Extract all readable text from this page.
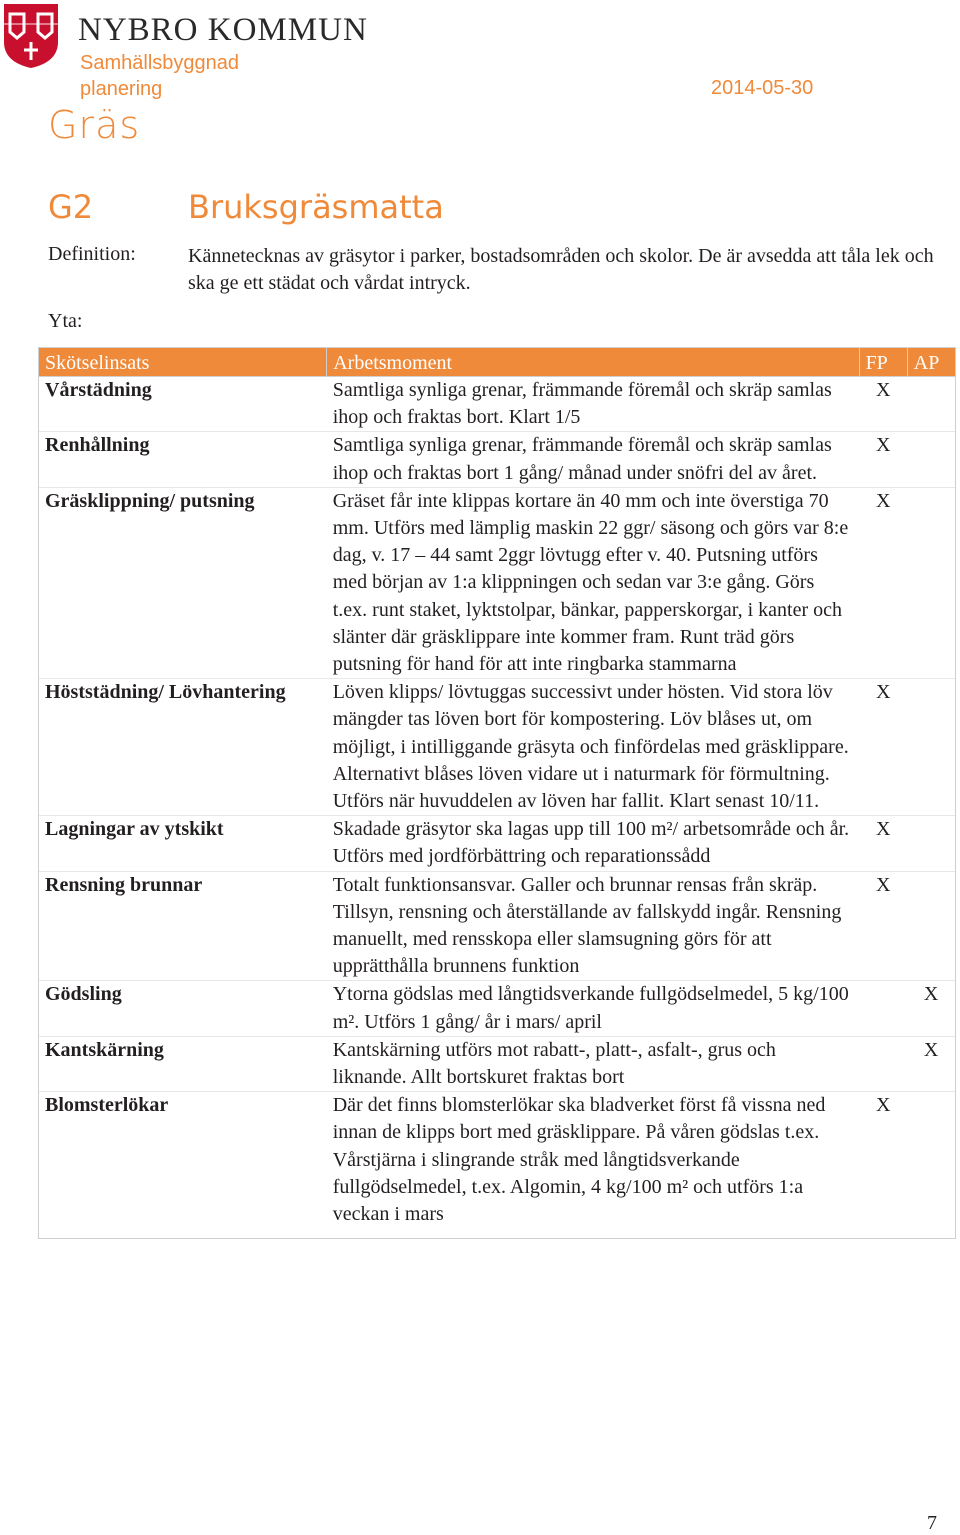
NYBRO KOMMUN
Samhällsbyggnad planering	2014-05-30
Gräs
G2	Bruksgräsmatta
Definition:	Kännetecknas av gräsytor i parker, bostadsområden och skolor. De är avsedda att tåla lek och ska ge ett städat och vårdat intryck.
Yta:
Skötselinsats	Arbetsmoment	FP	AP
Vårstädning	Samtliga synliga grenar, främmande föremål och skräp samlas ihop och fraktas bort. Klart 1/5	X	
Renhållning	Samtliga synliga grenar, främmande föremål och skräp samlas ihop och fraktas bort 1 gång/ månad under snöfri del av året.	X	
Gräsklippning/ putsning	Gräset får inte klippas kortare än 40 mm och inte överstiga 70 mm. Utförs med lämplig maskin 22 ggr/ säsong och görs var 8:e dag, v. 17 – 44 samt 2ggr lövtugg efter v. 40. Putsning utförs med början av 1:a klippningen och sedan var 3:e gång. Görs t.ex. runt staket, lyktstolpar, bänkar, papperskorgar, i kanter och slänter där gräsklippare inte kommer fram. Runt träd görs putsning för hand för att inte ringbarka stammarna	X	
Höststädning/ Lövhantering	Löven klipps/ lövtuggas successivt under hösten. Vid stora löv mängder tas löven bort för kompostering. Löv blåses ut, om möjligt, i intilliggande gräsyta och finfördelas med gräsklippare. Alternativt blåses löven vidare ut i naturmark för förmultning. Utförs när huvuddelen av löven har fallit. Klart senast 10/11.	X	
Lagningar av ytskikt	Skadade gräsytor ska lagas upp till 100 m²/ arbetsområde och år. Utförs med jordförbättring och reparationssådd	X	
Rensning brunnar	Totalt funktionsansvar. Galler och brunnar rensas från skräp. Tillsyn, rensning och återställande av fallskydd ingår. Rensning manuellt, med rensskopa eller slamsugning görs för att upprätthålla brunnens funktion	X	
Gödsling	Ytorna gödslas med långtidsverkande fullgödselmedel, 5 kg/100 m². Utförs 1 gång/ år i mars/ april		X
Kantskärning	Kantskärning utförs mot rabatt-, platt-, asfalt-, grus och liknande. Allt bortskuret fraktas bort		X
Blomsterlökar	Där det finns blomsterlökar ska bladverket först få vissna ned innan de klipps bort med gräsklippare. På våren gödslas t.ex. Vårstjärna i slingrande stråk med långtidsverkande fullgödselmedel, t.ex. Algomin, 4 kg/100 m² och utförs 1:a veckan i mars	X	
7
